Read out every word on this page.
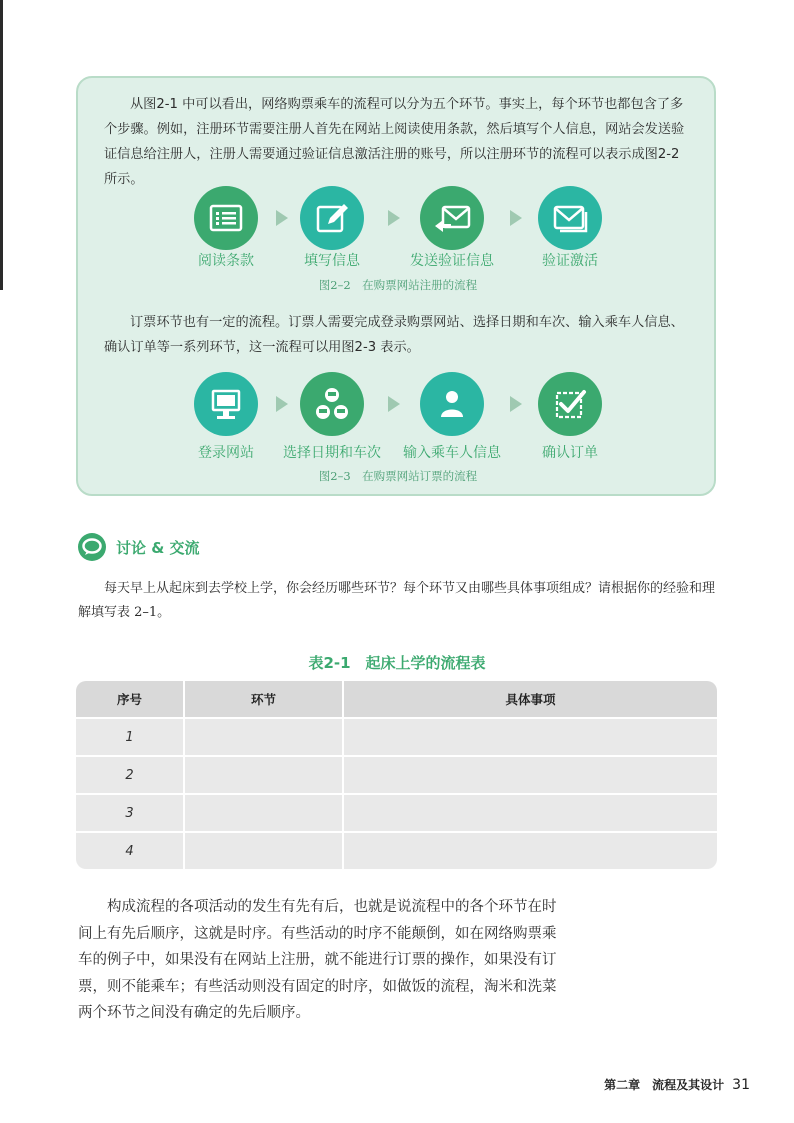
从图2-1 中可以看出，网络购票乘车的流程可以分为五个环节。事实上，每个环节也都包含了多个步骤。例如，注册环节需要注册人首先在网站上阅读使用条款，然后填写个人信息，网站会发送验证信息给注册人，注册人需要通过验证信息激活注册的账号，所以注册环节的流程可以表示成图2-2 所示。
阅读条款	填写信息	发送验证信息	验证激活
图2–2　在购票网站注册的流程
订票环节也有一定的流程。订票人需要完成登录购票网站、选择日期和车次、输入乘车人信息、确认订单等一系列环节，这一流程可以用图2-3 表示。
登录网站	选择日期和车次	输入乘车人信息	确认订单
图2–3　在购票网站订票的流程
讨论 & 交流
每天早上从起床到去学校上学，你会经历哪些环节？每个环节又由哪些具体事项组成？请根据你的经验和理解填写表 2–1。
表2-1　起床上学的流程表
序号	环节	具体事项
1		
2		
3		
4		
构成流程的各项活动的发生有先有后，也就是说流程中的各个环节在时间上有先后顺序，这就是时序。有些活动的时序不能颠倒，如在网络购票乘车的例子中，如果没有在网站上注册，就不能进行订票的操作，如果没有订票，则不能乘车；有些活动则没有固定的时序，如做饭的流程，淘米和洗菜两个环节之间没有确定的先后顺序。
第二章　流程及其设计 31
